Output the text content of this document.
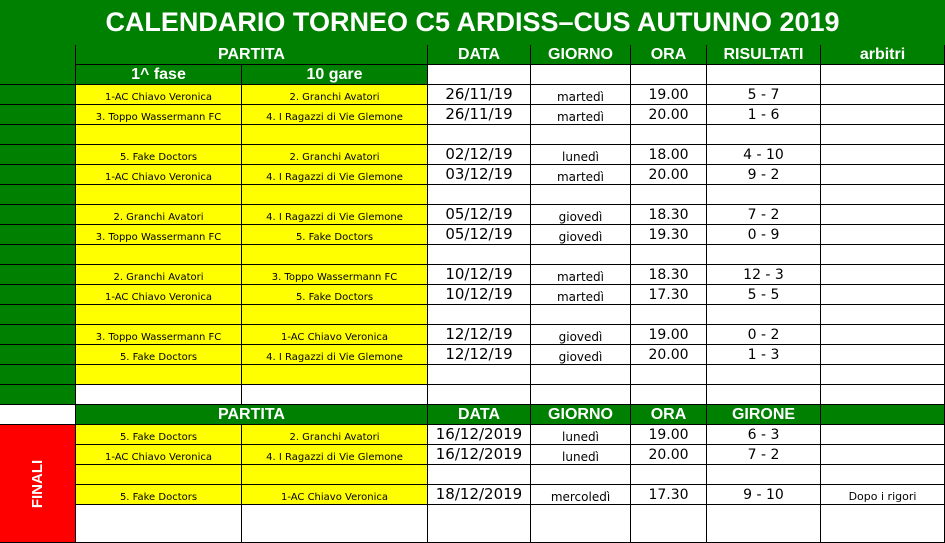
CALENDARIO TORNEO C5 ARDISS–CUS AUTUNNO 2019
PARTITA	DATA	GIORNO	ORA	RISULTATI	arbitri
1^ fase	10 gare
1-AC Chiavo Veronica	2. Granchi Avatori	26/11/19	martedì	19.00	5 - 7
3. Toppo Wassermann FC	4. I Ragazzi di Vie Glemone	26/11/19	martedì	20.00	1 - 6
5. Fake Doctors	2. Granchi Avatori	02/12/19	lunedì	18.00	4 - 10
1-AC Chiavo Veronica	4. I Ragazzi di Vie Glemone	03/12/19	martedì	20.00	9 - 2
2. Granchi Avatori	4. I Ragazzi di Vie Glemone	05/12/19	giovedì	18.30	7 - 2
3. Toppo Wassermann FC	5. Fake Doctors	05/12/19	giovedì	19.30	0 - 9
2. Granchi Avatori	3. Toppo Wassermann FC	10/12/19	martedì	18.30	12 - 3
1-AC Chiavo Veronica	5. Fake Doctors	10/12/19	martedì	17.30	5 - 5
3. Toppo Wassermann FC	1-AC Chiavo Veronica	12/12/19	giovedì	19.00	0 - 2
5. Fake Doctors	4. I Ragazzi di Vie Glemone	12/12/19	giovedì	20.00	1 - 3
PARTITA	DATA	GIORNO	ORA	GIRONE
FINALI
5. Fake Doctors	2. Granchi Avatori	16/12/2019	lunedì	19.00	6 - 3
1-AC Chiavo Veronica	4. I Ragazzi di Vie Glemone	16/12/2019	lunedì	20.00	7 - 2
5. Fake Doctors	1-AC Chiavo Veronica	18/12/2019	mercoledì	17.30	9 - 10	Dopo i rigori
